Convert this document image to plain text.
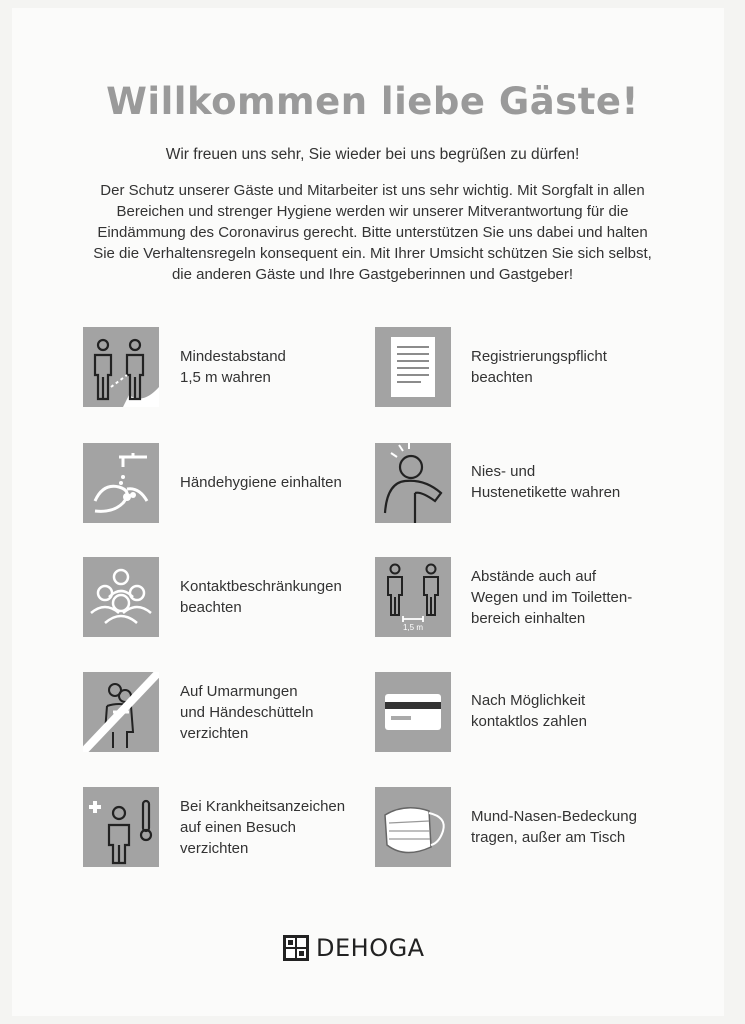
Willkommen liebe Gäste!
Wir freuen uns sehr, Sie wieder bei uns begrüßen zu dürfen!
Der Schutz unserer Gäste und Mitarbeiter ist uns sehr wichtig. Mit Sorgfalt in allen
Bereichen und strenger Hygiene werden wir unserer Mitverantwortung für die
Eindämmung des Coronavirus gerecht. Bitte unterstützen Sie uns dabei und halten
Sie die Verhaltensregeln konsequent ein. Mit Ihrer Umsicht schützen Sie sich selbst,
die anderen Gäste und Ihre Gastgeberinnen und Gastgeber!
Mindestabstand
1,5 m wahren
Händehygiene einhalten
Kontaktbeschränkungen
beachten
Auf Umarmungen
und Händeschütteln
verzichten
Bei Krankheitsanzeichen
auf einen Besuch
verzichten
Registrierungspflicht
beachten
Nies- und
Hustenetikette wahren
1,5 m
Abstände auch auf
Wegen und im Toiletten-
bereich einhalten
Nach Möglichkeit
kontaktlos zahlen
Mund-Nasen-Bedeckung
tragen, außer am Tisch
DEHOGA
